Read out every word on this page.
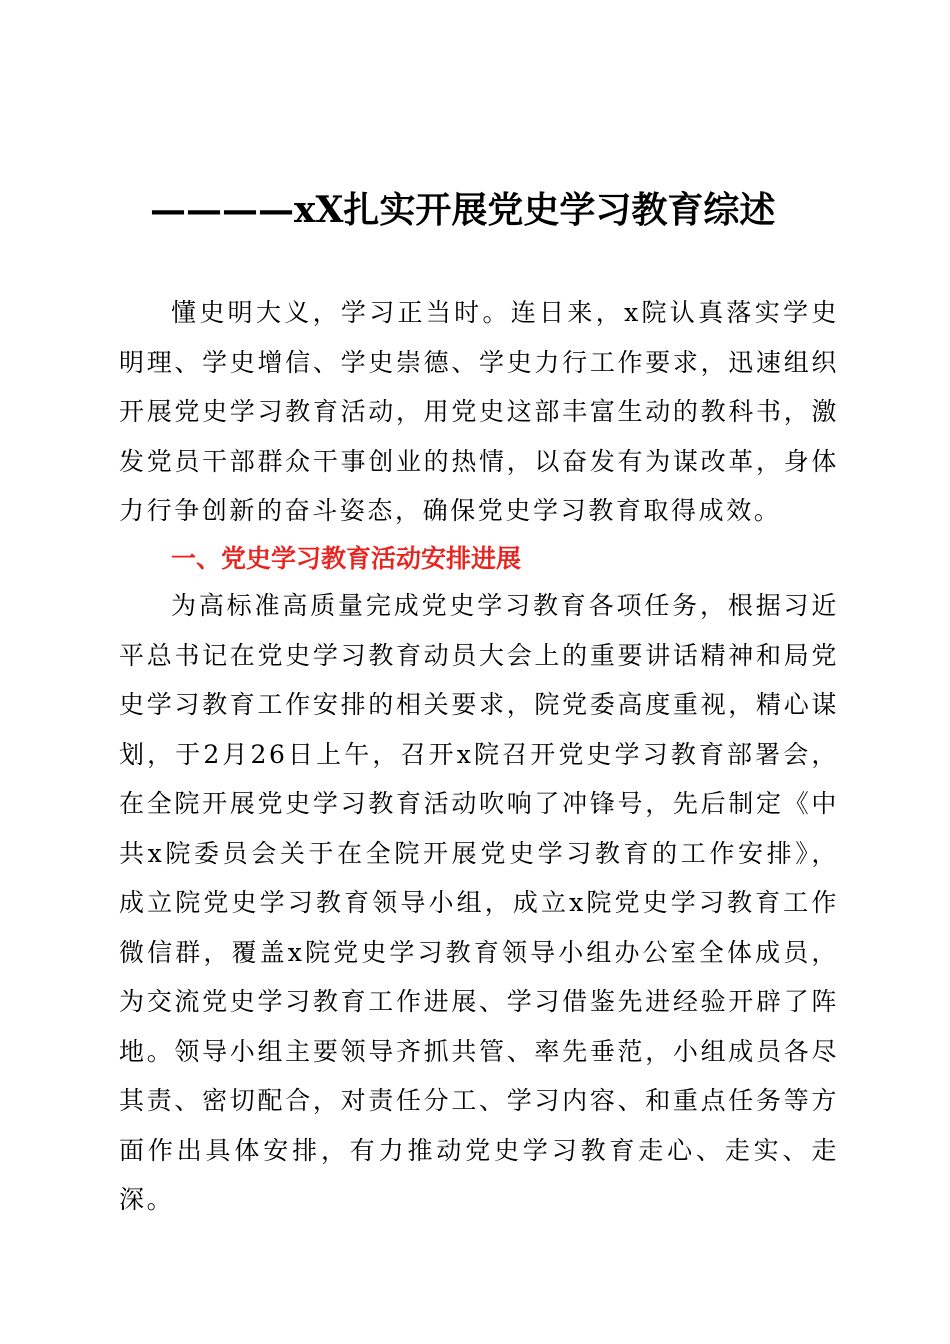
————xX扎实开展党史学习教育综述

懂史明大义，学习正当时。连日来，x院认真落实学史明理、学史增信、学史崇德、学史力行工作要求，迅速组织开展党史学习教育活动，用党史这部丰富生动的教科书，激发党员干部群众干事创业的热情，以奋发有为谋改革，身体力行争创新的奋斗姿态，确保党史学习教育取得成效。

一、党史学习教育活动安排进展

为高标准高质量完成党史学习教育各项任务，根据习近平总书记在党史学习教育动员大会上的重要讲话精神和局党史学习教育工作安排的相关要求，院党委高度重视，精心谋划，于2月26日上午，召开x院召开党史学习教育部署会，在全院开展党史学习教育活动吹响了冲锋号，先后制定《中共x院委员会关于在全院开展党史学习教育的工作安排》，成立院党史学习教育领导小组，成立x院党史学习教育工作微信群，覆盖x院党史学习教育领导小组办公室全体成员，为交流党史学习教育工作进展、学习借鉴先进经验开辟了阵地。领导小组主要领导齐抓共管、率先垂范，小组成员各尽其责、密切配合，对责任分工、学习内容、和重点任务等方面作出具体安排，有力推动党史学习教育走心、走实、走深。
